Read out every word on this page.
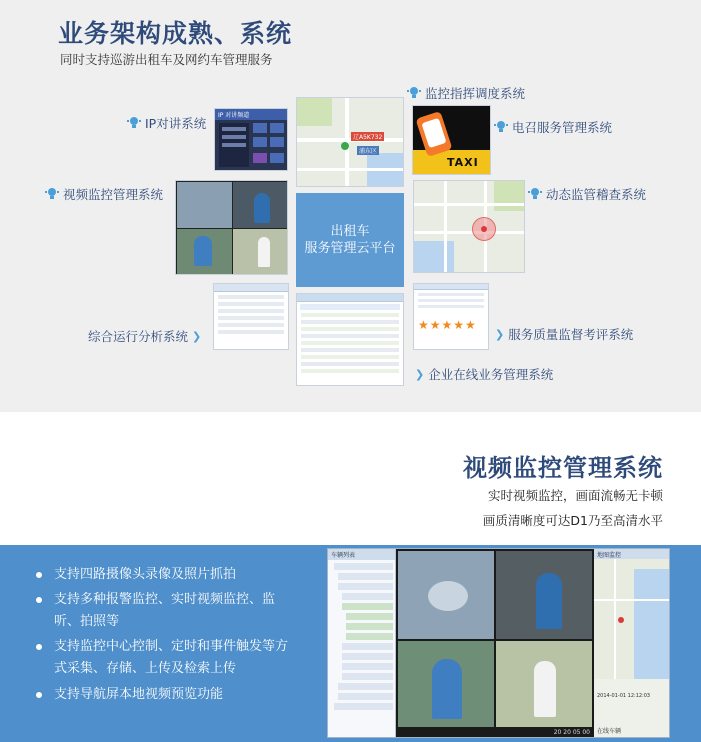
业务架构成熟、系统
同时支持巡游出租车及网约车管理服务
IP 对讲频道
辽A5K732
浦东区
TAXI
出租车
服务管理云平台
★★★★★
IP对讲系统
监控指挥调度系统
电召服务管理系统
视频监控管理系统	动态监管稽查系统
综合运行分析系统 ❯	❯ 服务质量监督考评系统
❯ 企业在线业务管理系统
视频监控管理系统
实时视频监控，画面流畅无卡顿
画质清晰度可达D1乃至高清水平
支持四路摄像头录像及照片抓拍
支持多种报警监控、实时视频监控、监听、拍照等
支持监控中心控制、定时和事件触发等方式采集、存储、上传及检索上传
支持导航屏本地视频预览功能
车辆列表
20 20 05 00
地图监控
2014-01-01 12:12:03
在线车辆
